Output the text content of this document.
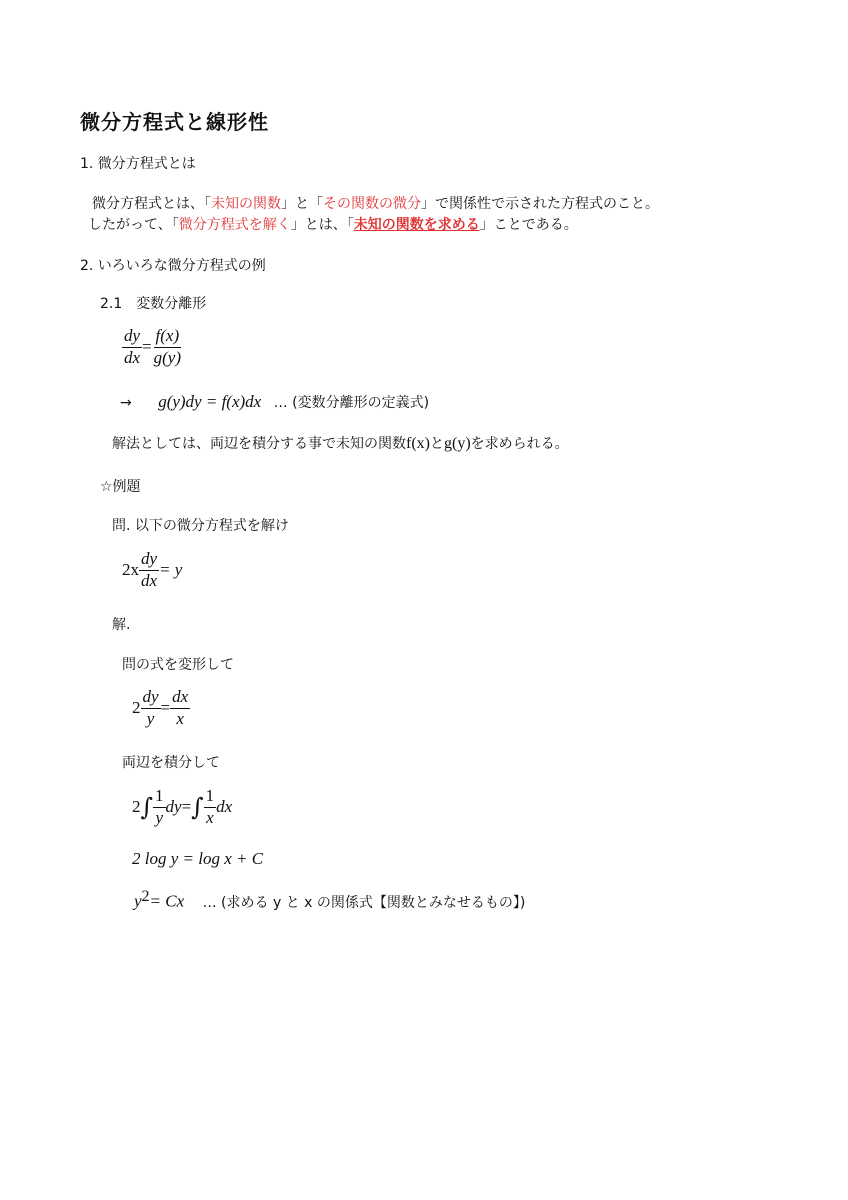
微分方程式と線形性
1. 微分方程式とは
微分方程式とは、「未知の関数」と「その関数の微分」で関係性で示された方程式のこと。
したがって、「微分方程式を解く」とは、「未知の関数を求める」ことである。
2. いろいろな微分方程式の例
2.1　変数分離形
$\frac{dy}{dx} = \frac{f(x)}{g(y)}$
→ g(y)dy = f(x)dx … (変数分離形の定義式)
解法としては、両辺を積分する事で未知の関数f(x)とg(y)を求められる。
☆例題
問. 以下の微分方程式を解け
$2x \frac{dy}{dx} = y$
解.
問の式を変形して
$2 \frac{dy}{y} = \frac{dx}{x}$
両辺を積分して
$2\int \frac{1}{y} dy=\int \frac{1}{x}$ dx
2 log y = log x + C
$y^2= Cx$ … (求める y と x の関係式【関数とみなせるもの】)
